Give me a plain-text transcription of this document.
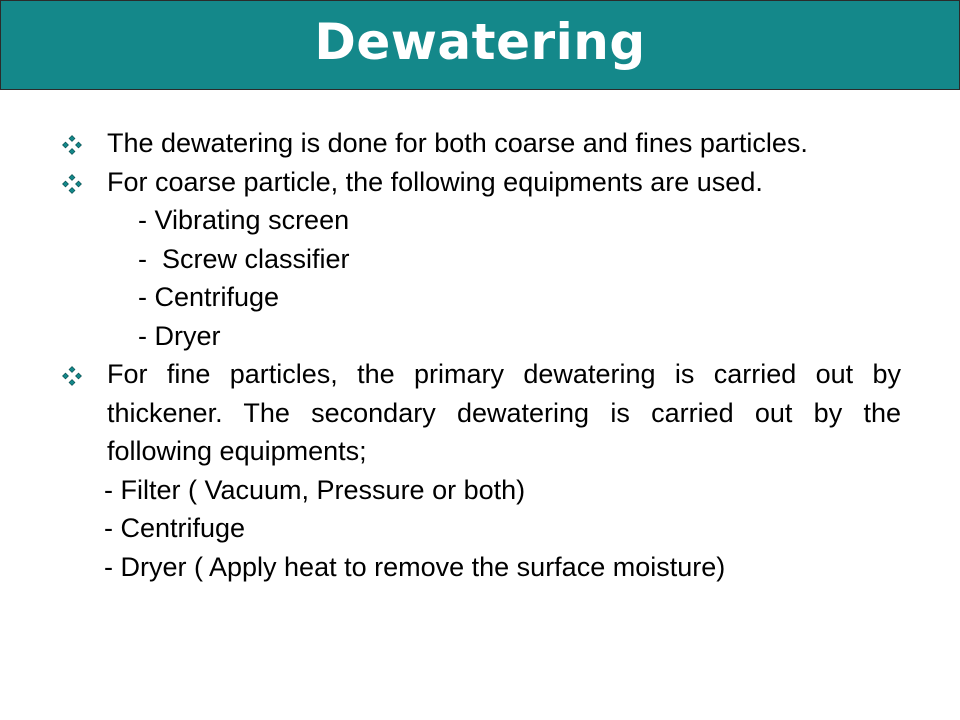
Dewatering
The dewatering is done for both coarse and fines particles.
For coarse particle, the following equipments are used.
- Vibrating screen
-  Screw classifier
- Centrifuge
- Dryer
For fine particles, the primary dewatering is carried out by thickener. The secondary dewatering is carried out by the following equipments;
- Filter ( Vacuum, Pressure or both)
- Centrifuge
- Dryer ( Apply heat to remove the surface moisture)
